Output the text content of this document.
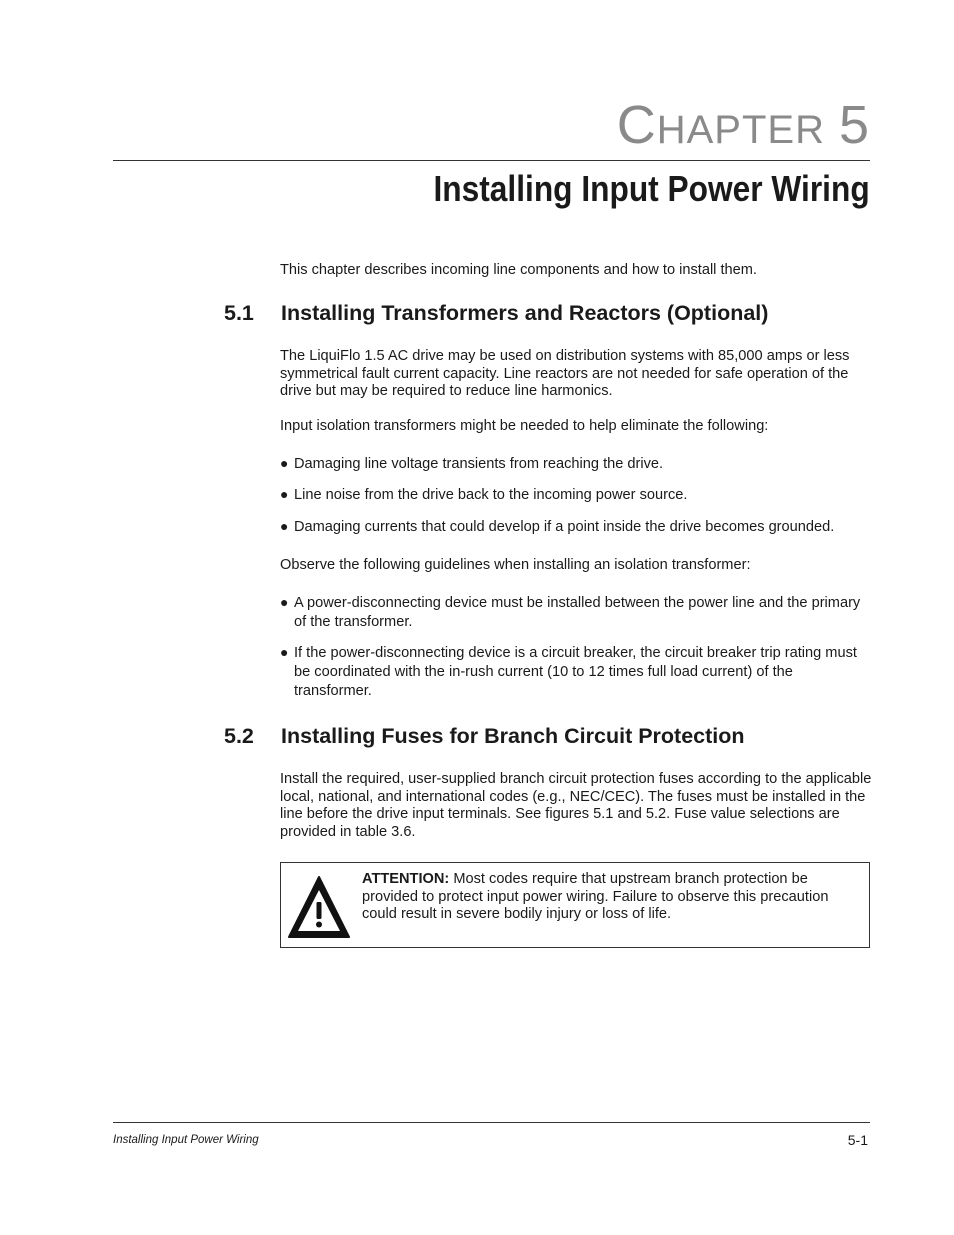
CHAPTER 5
Installing Input Power Wiring

This chapter describes incoming line components and how to install them.

5.1 Installing Transformers and Reactors (Optional)

The LiquiFlo 1.5 AC drive may be used on distribution systems with 85,000 amps or less symmetrical fault current capacity. Line reactors are not needed for safe operation of the drive but may be required to reduce line harmonics.

Input isolation transformers might be needed to help eliminate the following:

● Damaging line voltage transients from reaching the drive.
● Line noise from the drive back to the incoming power source.
● Damaging currents that could develop if a point inside the drive becomes grounded.

Observe the following guidelines when installing an isolation transformer:

● A power-disconnecting device must be installed between the power line and the primary of the transformer.
● If the power-disconnecting device is a circuit breaker, the circuit breaker trip rating must be coordinated with the in-rush current (10 to 12 times full load current) of the transformer.
5.2 Installing Fuses for Branch Circuit Protection

Install the required, user-supplied branch circuit protection fuses according to the applicable local, national, and international codes (e.g., NEC/CEC). The fuses must be installed in the line before the drive input terminals. See figures 5.1 and 5.2. Fuse value selections are provided in table 3.6.

ATTENTION: Most codes require that upstream branch protection be provided to protect input power wiring. Failure to observe this precaution could result in severe bodily injury or loss of life.
Installing Input Power Wiring	5-1
